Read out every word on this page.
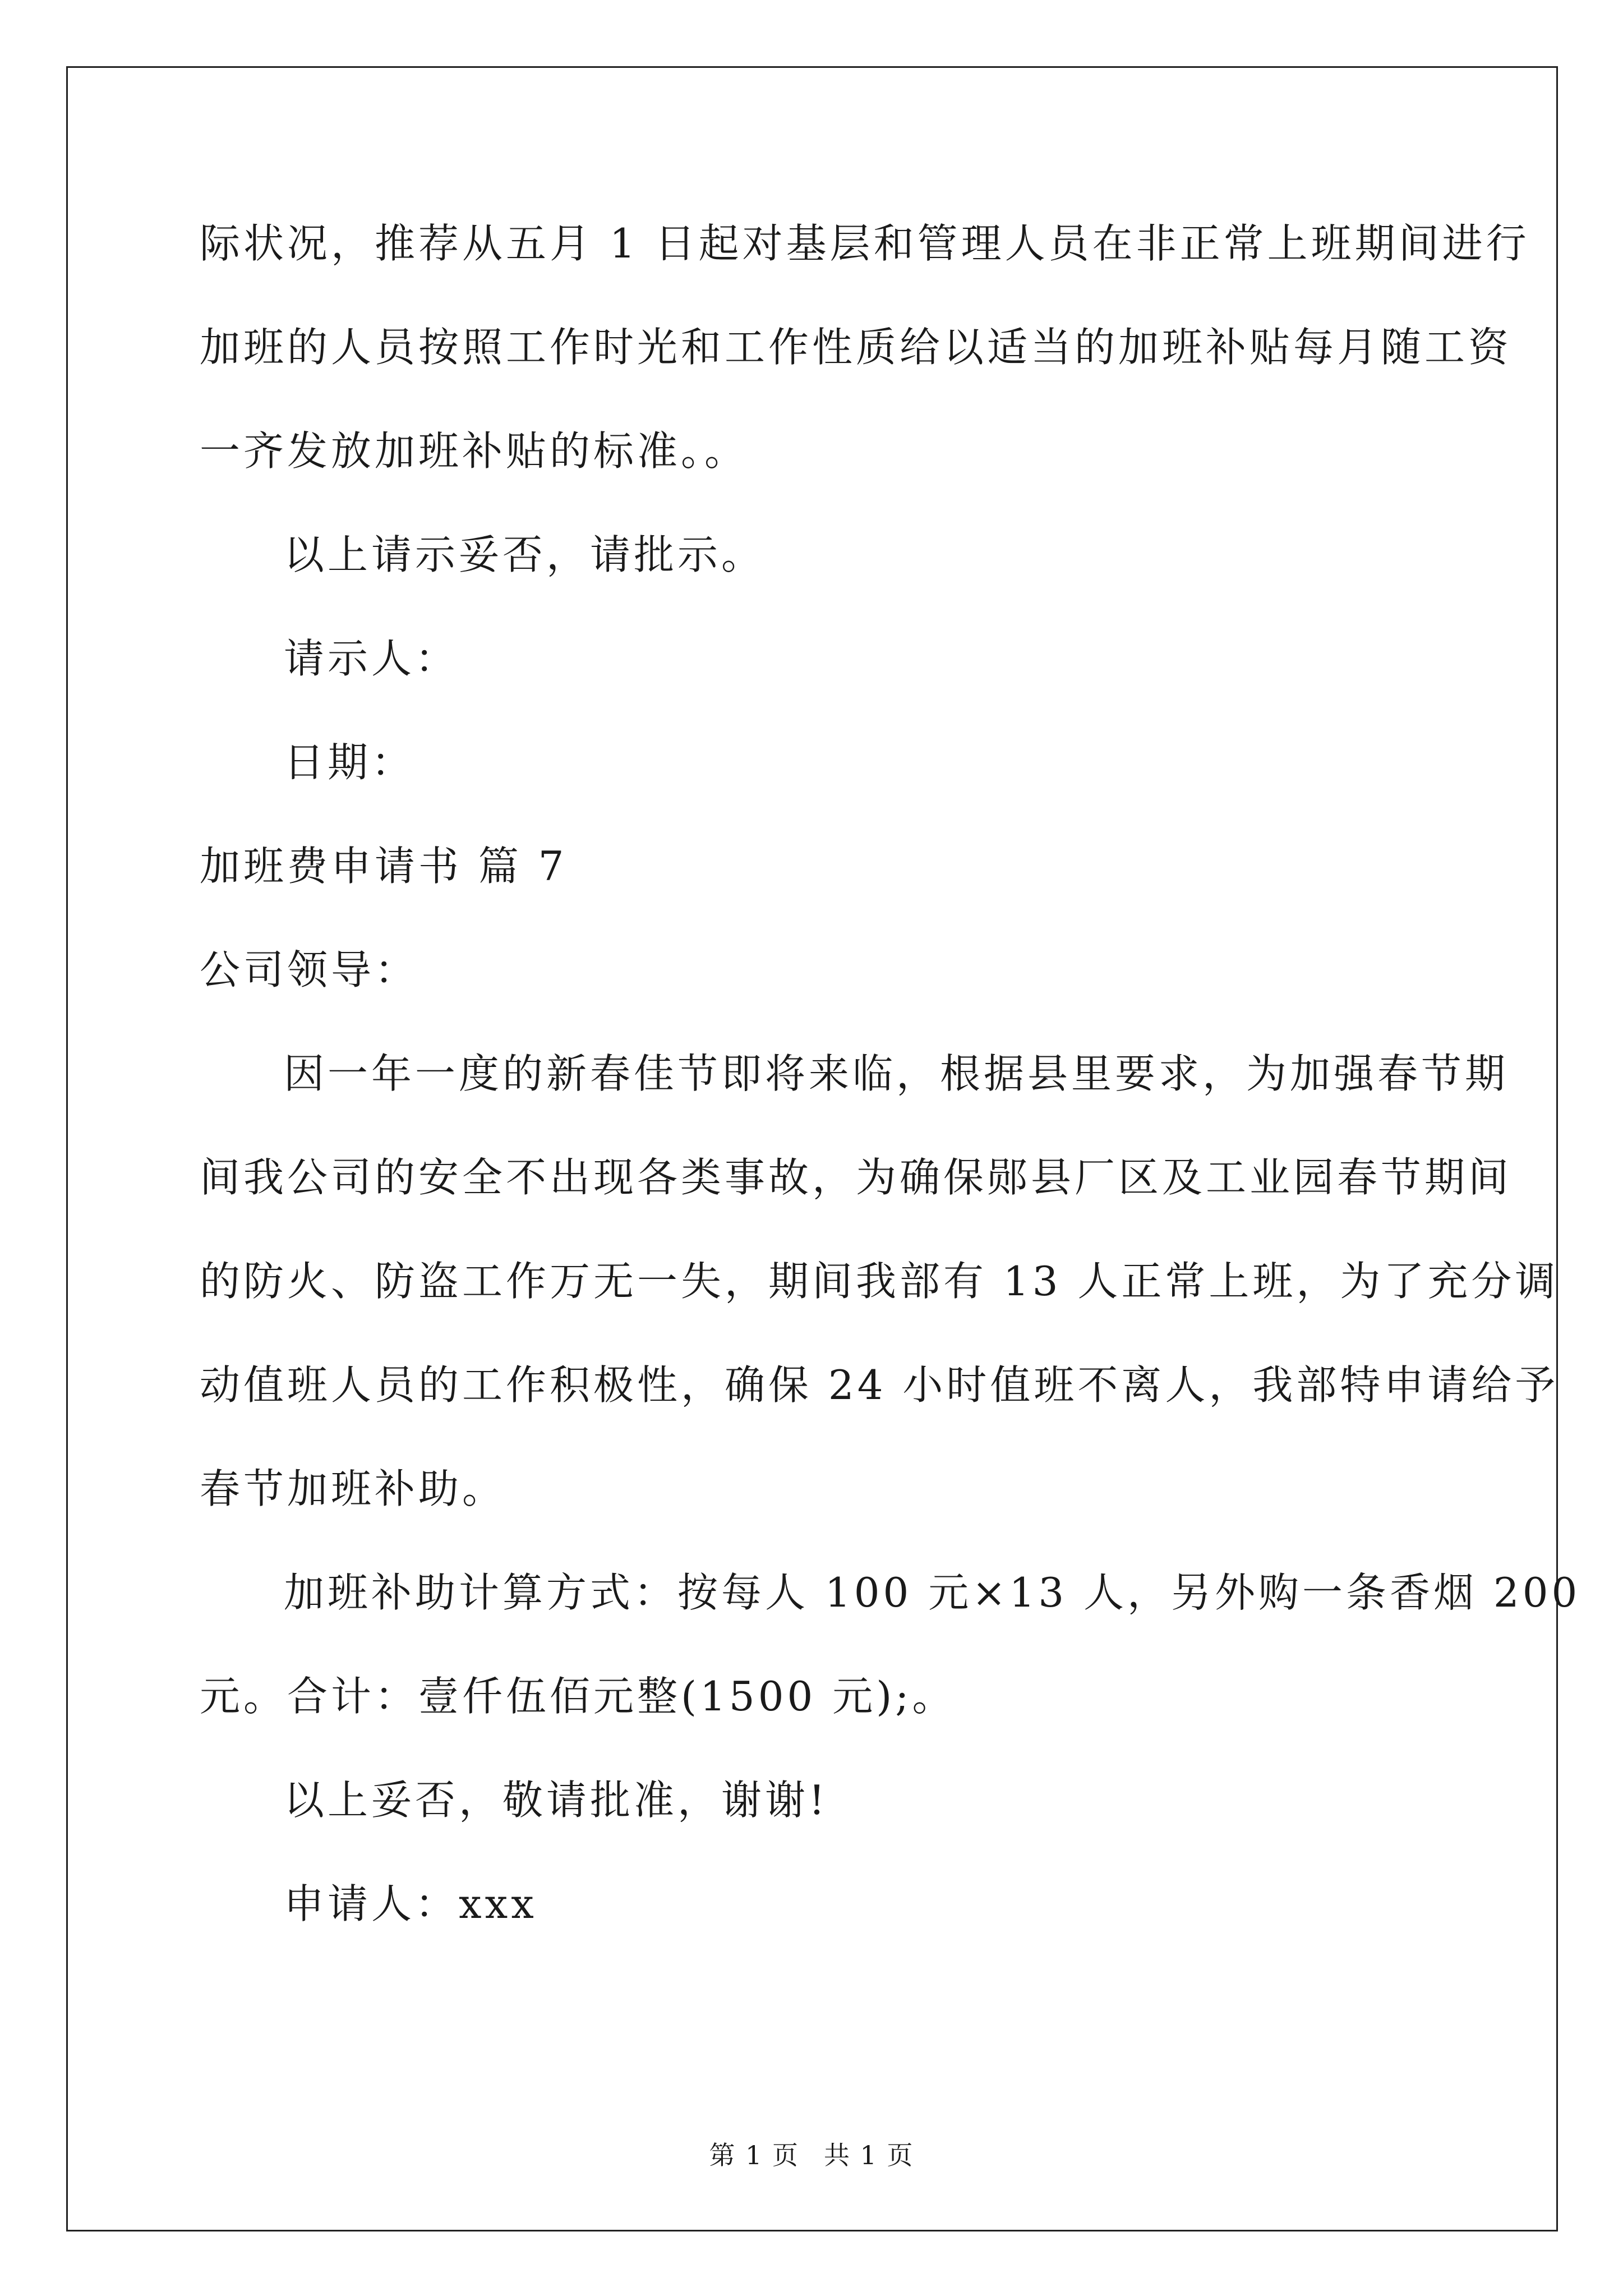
际状况，推荐从五月 1 日起对基层和管理人员在非正常上班期间进行
加班的人员按照工作时光和工作性质给以适当的加班补贴每月随工资
一齐发放加班补贴的标准。。
以上请示妥否，请批示。
请示人：
日期：
加班费申请书 篇 7
公司领导：
因一年一度的新春佳节即将来临，根据县里要求，为加强春节期
间我公司的安全不出现各类事故，为确保郧县厂区及工业园春节期间
的防火、防盗工作万无一失，期间我部有 13 人正常上班，为了充分调
动值班人员的工作积极性，确保 24 小时值班不离人，我部特申请给予
春节加班补助。
加班补助计算方式：按每人 100 元×13 人，另外购一条香烟 200
元。合计：壹仟伍佰元整(1500 元);。
以上妥否，敬请批准，谢谢!
申请人：xxx
第 1 页 共 1 页
